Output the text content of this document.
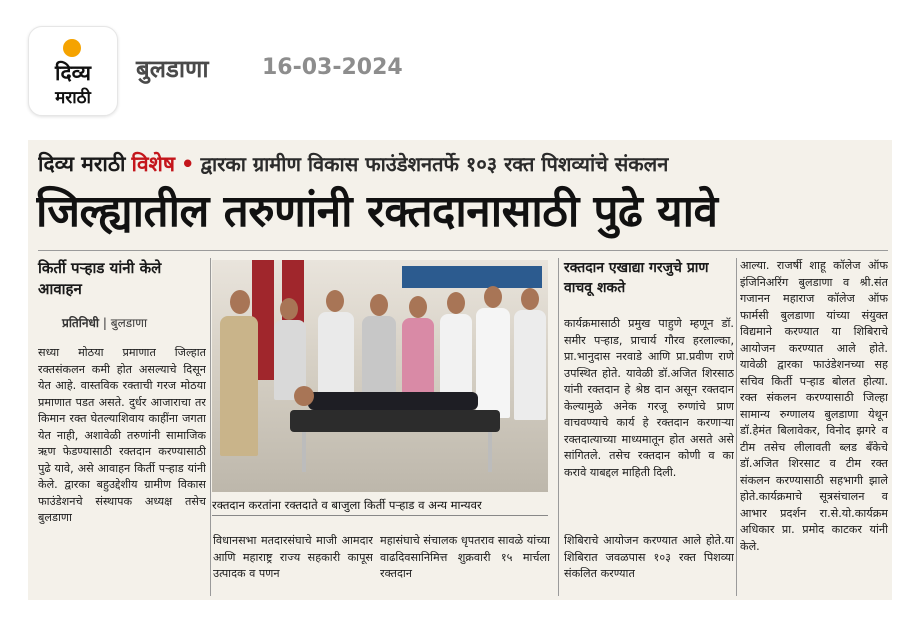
दिव्य
मराठी
बुलडाणा 16-03-2024
दिव्य मराठी विशेष • द्वारका ग्रामीण विकास फाउंडेशनतर्फे १०३ रक्त पिशव्यांचे संकलन
जिल्ह्यातील तरुणांनी रक्तदानासाठी पुढे यावे
किर्ती पऱ्हाड यांनी केले आवाहन
प्रतिनिधी | बुलडाणा
सध्या मोठया प्रमाणात जिल्हात रक्तसंकलन कमी होत असल्याचे दिसून येत आहे. वास्तविक रक्ताची गरज मोठया प्रमाणात पडत असते. दुर्धर आजाराचा तर किमान रक्त घेतल्याशिवाय काहींना जगता येत नाही, अशावेळी तरुणांनी सामाजिक ऋण फेडण्यासाठी रक्तदान करण्यासाठी पुढे यावे, असे आवाहन किर्ती पऱ्हाड यांनी केले. द्वारका बहुउद्देशीय ग्रामीण विकास फाउंडेशनचे संस्थापक अध्यक्ष तसेच बुलडाणा
रक्तदान करतांना रक्तदाते व बाजुला किर्ती पऱ्हाड व अन्य मान्यवर
विधानसभा मतदारसंघाचे माजी आमदार आणि महाराष्ट्र राज्य सहकारी कापूस उत्पादक व पणन
महासंघाचे संचालक धृपतराव सावळे यांच्या वाढदिवसानिमित्त शुक्रवारी १५ मार्चला रक्तदान
रक्तदान एखाद्या गरजुचे प्राण वाचवू शकते
कार्यक्रमासाठी प्रमुख पाहुणे म्हणून डॉ. समीर पऱ्हाड, प्राचार्य गौरव हरलाल्का, प्रा.भानुदास नरवाडे आणि प्रा.प्रवीण राणे उपस्थित होते. यावेळी डॉ.अजित शिरसाठ यांनी रक्तदान हे श्रेष्ठ दान असून रक्तदान केल्यामुळे अनेक गरजू रुग्णांचे प्राण वाचवण्याचे कार्य हे रक्तदान करणाऱ्या रक्तदात्याच्या माध्यमातून होत असते असे सांगितले. तसेच रक्तदान कोणी व का करावे याबद्दल माहिती दिली.
शिबिराचे आयोजन करण्यात आले होते.या शिबिरात जवळपास १०३ रक्त पिशव्या संकलित करण्यात
आल्या. राजर्षी शाहू कॉलेज ऑफ इंजिनिअरिंग बुलडाणा व श्री.संत गजानन महाराज कॉलेज ऑफ फार्मसी बुलडाणा यांच्या संयुक्त विद्यमाने करण्यात या शिबिराचे आयोजन करण्यात आले होते. यावेळी द्वारका फाउंडेशनच्या सह सचिव किर्ती पऱ्हाड बोलत होत्या. रक्त संकलन करण्यासाठी जिल्हा सामान्य रुग्णालय बुलडाणा येथून डॉ.हेमंत बिलावेकर, विनोद झगरे व टीम तसेच लीलावती ब्लड बँकेचे डॉ.अजित शिरसाट व टीम रक्त संकलन करण्यासाठी सहभागी झाले होते.कार्यक्रमाचे सूत्रसंचालन व आभार प्रदर्शन रा.से.यो.कार्यक्रम अधिकार प्रा. प्रमोद काटकर यांनी केले.
